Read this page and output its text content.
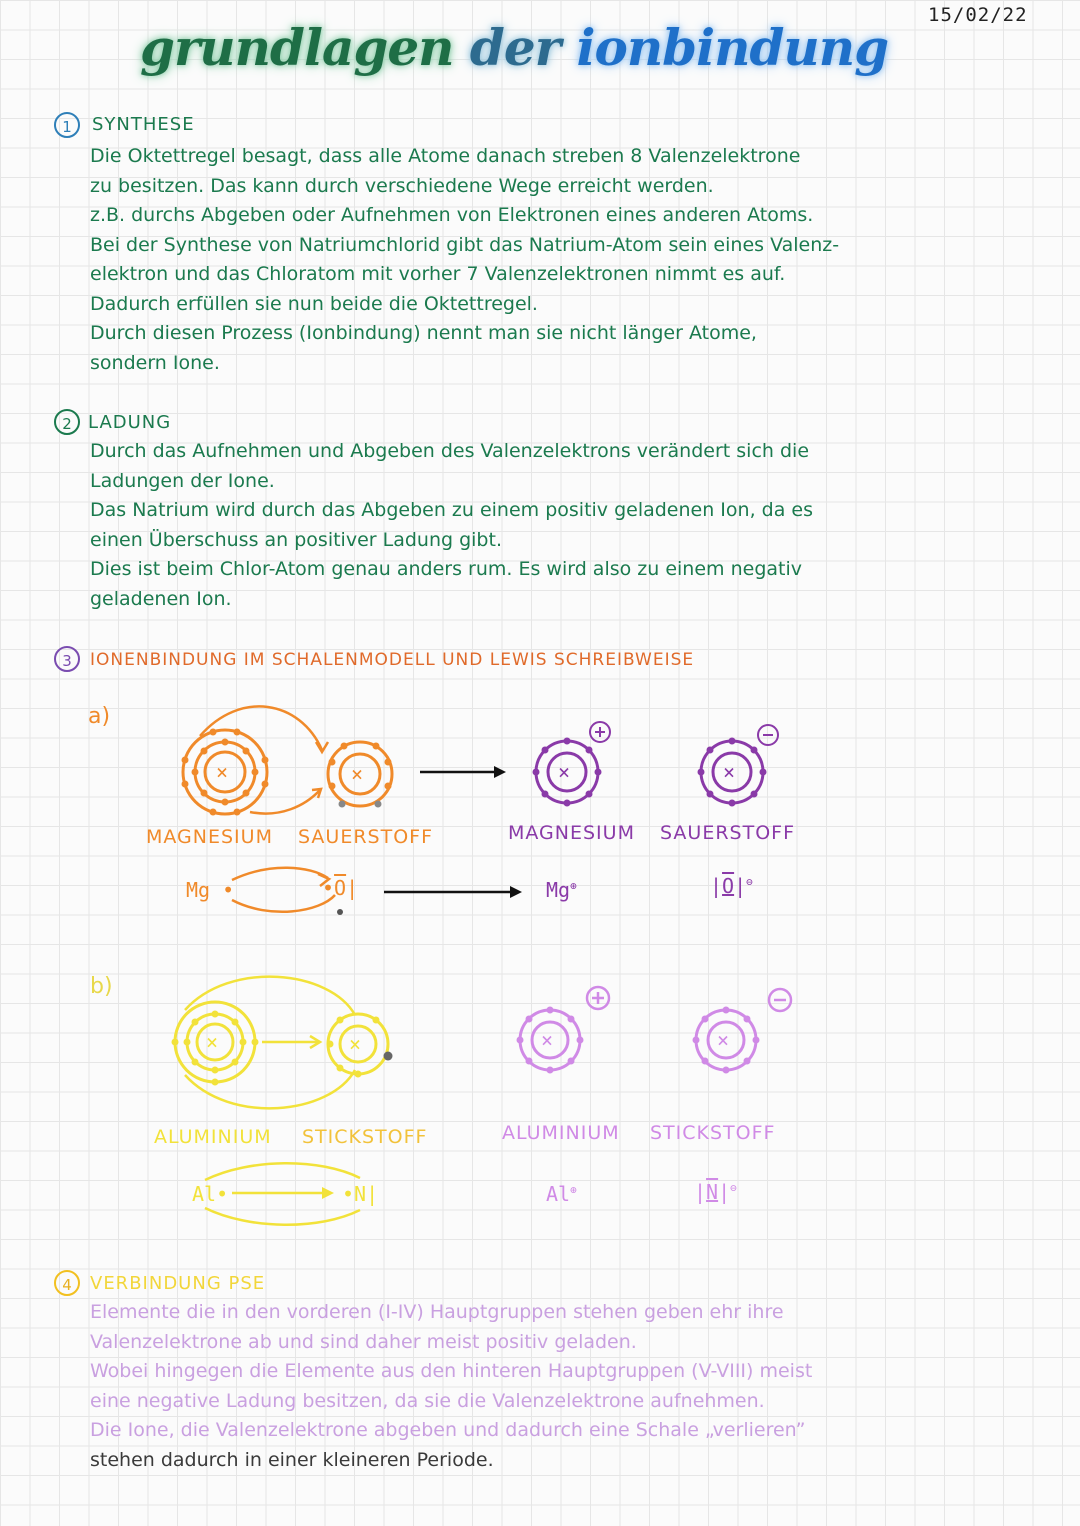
15/02/22
grundlagen der ionbindung
1	SYNTHESE
Die Oktettregel besagt, dass alle Atome danach streben 8 Valenzelektrone
zu besitzen. Das kann durch verschiedene Wege erreicht werden.
z.B. durchs Abgeben oder Aufnehmen von Elektronen eines anderen Atoms.
Bei der Synthese von Natriumchlorid gibt das Natrium-Atom sein eines Valenz-
elektron und das Chloratom mit vorher 7 Valenzelektronen nimmt es auf.
Dadurch erfüllen sie nun beide die Oktettregel.
Durch diesen Prozess (Ionbindung) nennt man sie nicht länger Atome,
sondern Ione.
2 LADUNG
Durch das Aufnehmen und Abgeben des Valenzelektrons verändert sich die
Ladungen der Ione.
Das Natrium wird durch das Abgeben zu einem positiv geladenen Ion, da es
einen Überschuss an positiver Ladung gibt.
Dies ist beim Chlor-Atom genau anders rum. Es wird also zu einem negativ
geladenen Ion.
3	IONENBINDUNG IM SCHALENMODELL UND LEWIS SCHREIBWEISE
a)
×	×	×	×
MAGNESIUM SAUERSTOFF	MAGNESIUM SAUERSTOFF
Mg •	$•\overline{O}|$	Mg⊕	|O|⊖
b)
×	×	×	×
ALUMINIUM STICKSTOFF	ALUMINIUM STICKSTOFF
Al•	•N|	Al⊕	|N|⊖
4	VERBINDUNG PSE
Elemente die in den vorderen (I-IV) Hauptgruppen stehen geben ehr ihre
Valenzelektrone ab und sind daher meist positiv geladen.
Wobei hingegen die Elemente aus den hinteren Hauptgruppen (V-VIII) meist
eine negative Ladung besitzen, da sie die Valenzelektrone aufnehmen.
Die Ione, die Valenzelektrone abgeben und dadurch eine Schale „verlieren”
stehen dadurch in einer kleineren Periode.
